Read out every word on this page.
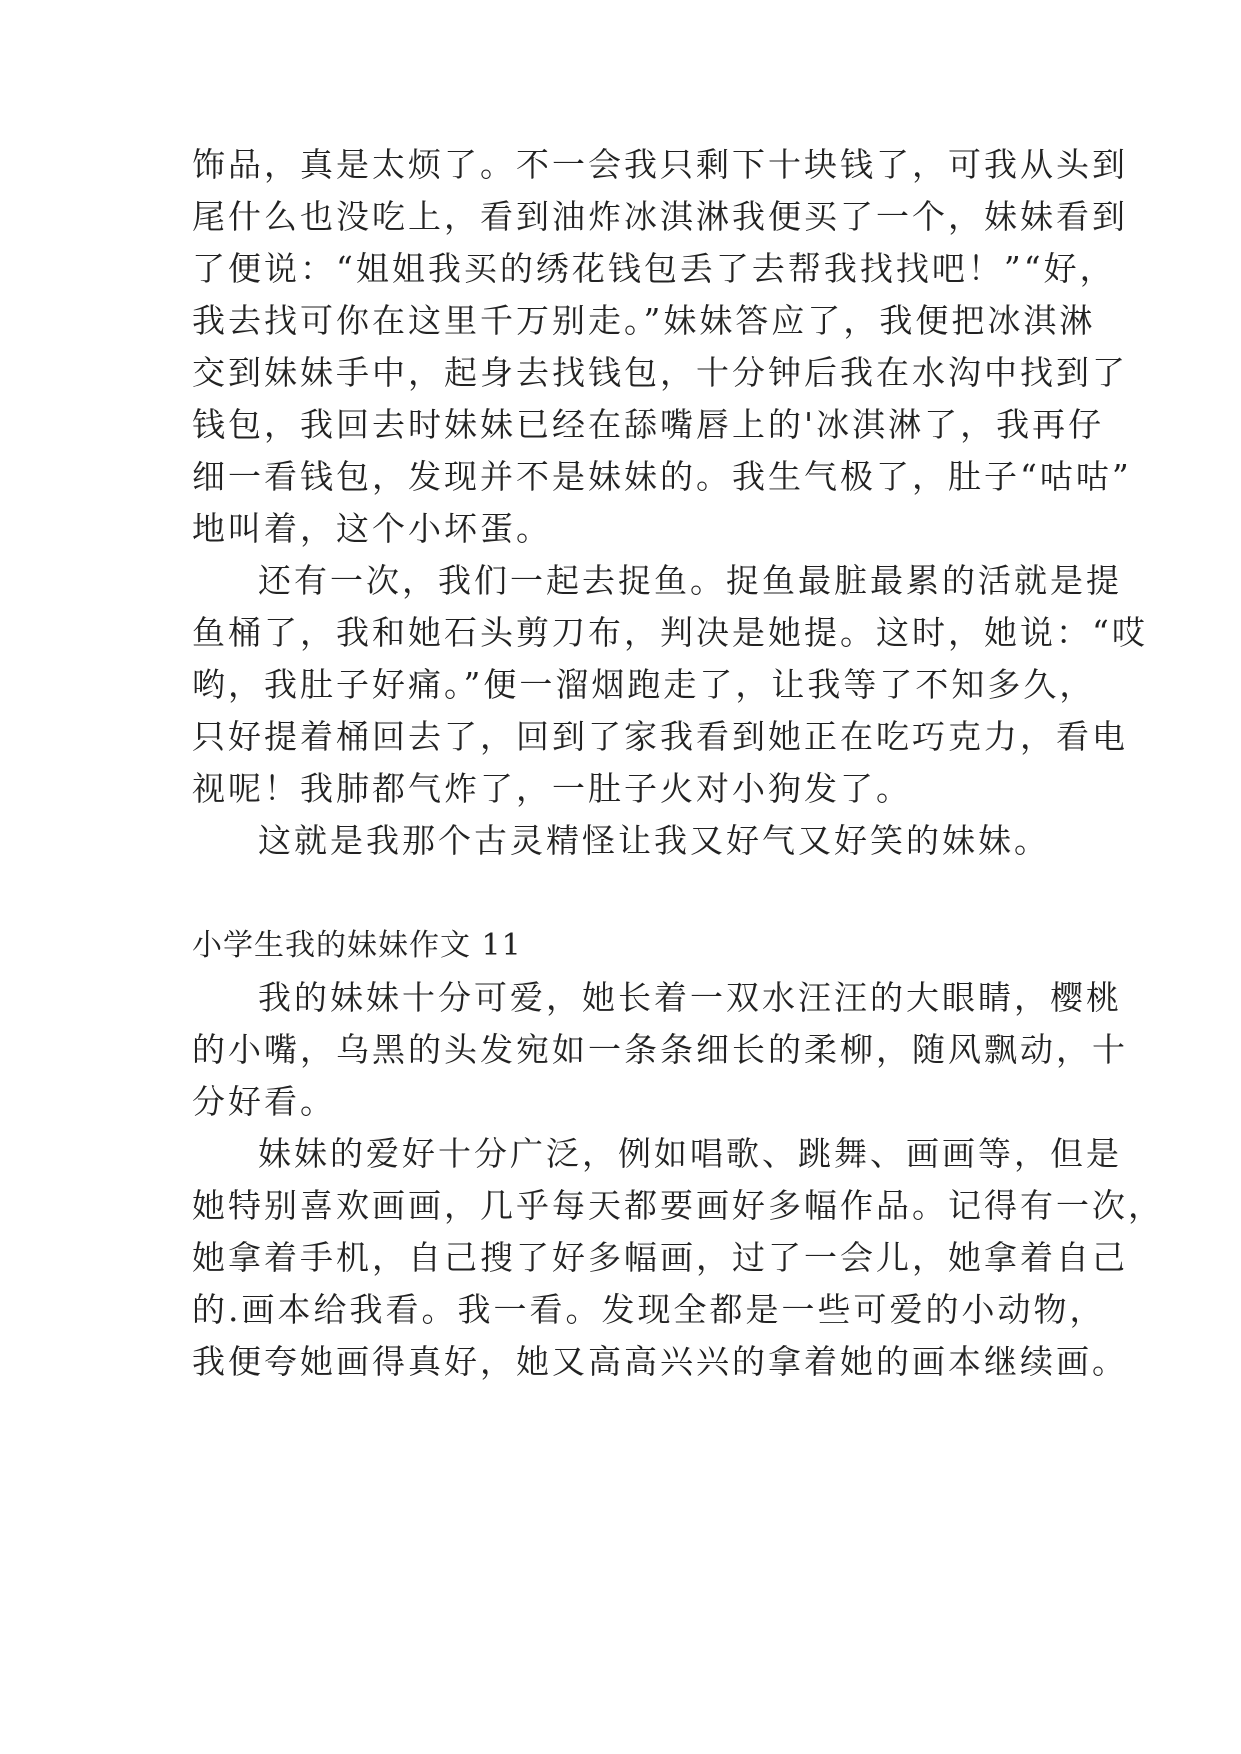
饰品，真是太烦了。不一会我只剩下十块钱了，可我从头到

尾什么也没吃上，看到油炸冰淇淋我便买了一个，妹妹看到

了便说：“姐姐我买的绣花钱包丢了去帮我找找吧！”“好，

我去找可你在这里千万别走。”妹妹答应了，我便把冰淇淋

交到妹妹手中，起身去找钱包，十分钟后我在水沟中找到了

钱包，我回去时妹妹已经在舔嘴唇上的'冰淇淋了，我再仔

细一看钱包，发现并不是妹妹的。我生气极了，肚子“咕咕”

地叫着，这个小坏蛋。

还有一次，我们一起去捉鱼。捉鱼最脏最累的活就是提

鱼桶了，我和她石头剪刀布，判决是她提。这时，她说：“哎

哟，我肚子好痛。”便一溜烟跑走了，让我等了不知多久，

只好提着桶回去了，回到了家我看到她正在吃巧克力，看电

视呢！我肺都气炸了，一肚子火对小狗发了。

这就是我那个古灵精怪让我又好气又好笑的妹妹。

小学生我的妹妹作文 11

我的妹妹十分可爱，她长着一双水汪汪的大眼睛，樱桃

的小嘴，乌黑的头发宛如一条条细长的柔柳，随风飘动，十

分好看。

妹妹的爱好十分广泛，例如唱歌、跳舞、画画等，但是

她特别喜欢画画，几乎每天都要画好多幅作品。记得有一次，

她拿着手机，自己搜了好多幅画，过了一会儿，她拿着自己

的.画本给我看。我一看。发现全都是一些可爱的小动物，

我便夸她画得真好，她又高高兴兴的拿着她的画本继续画。
